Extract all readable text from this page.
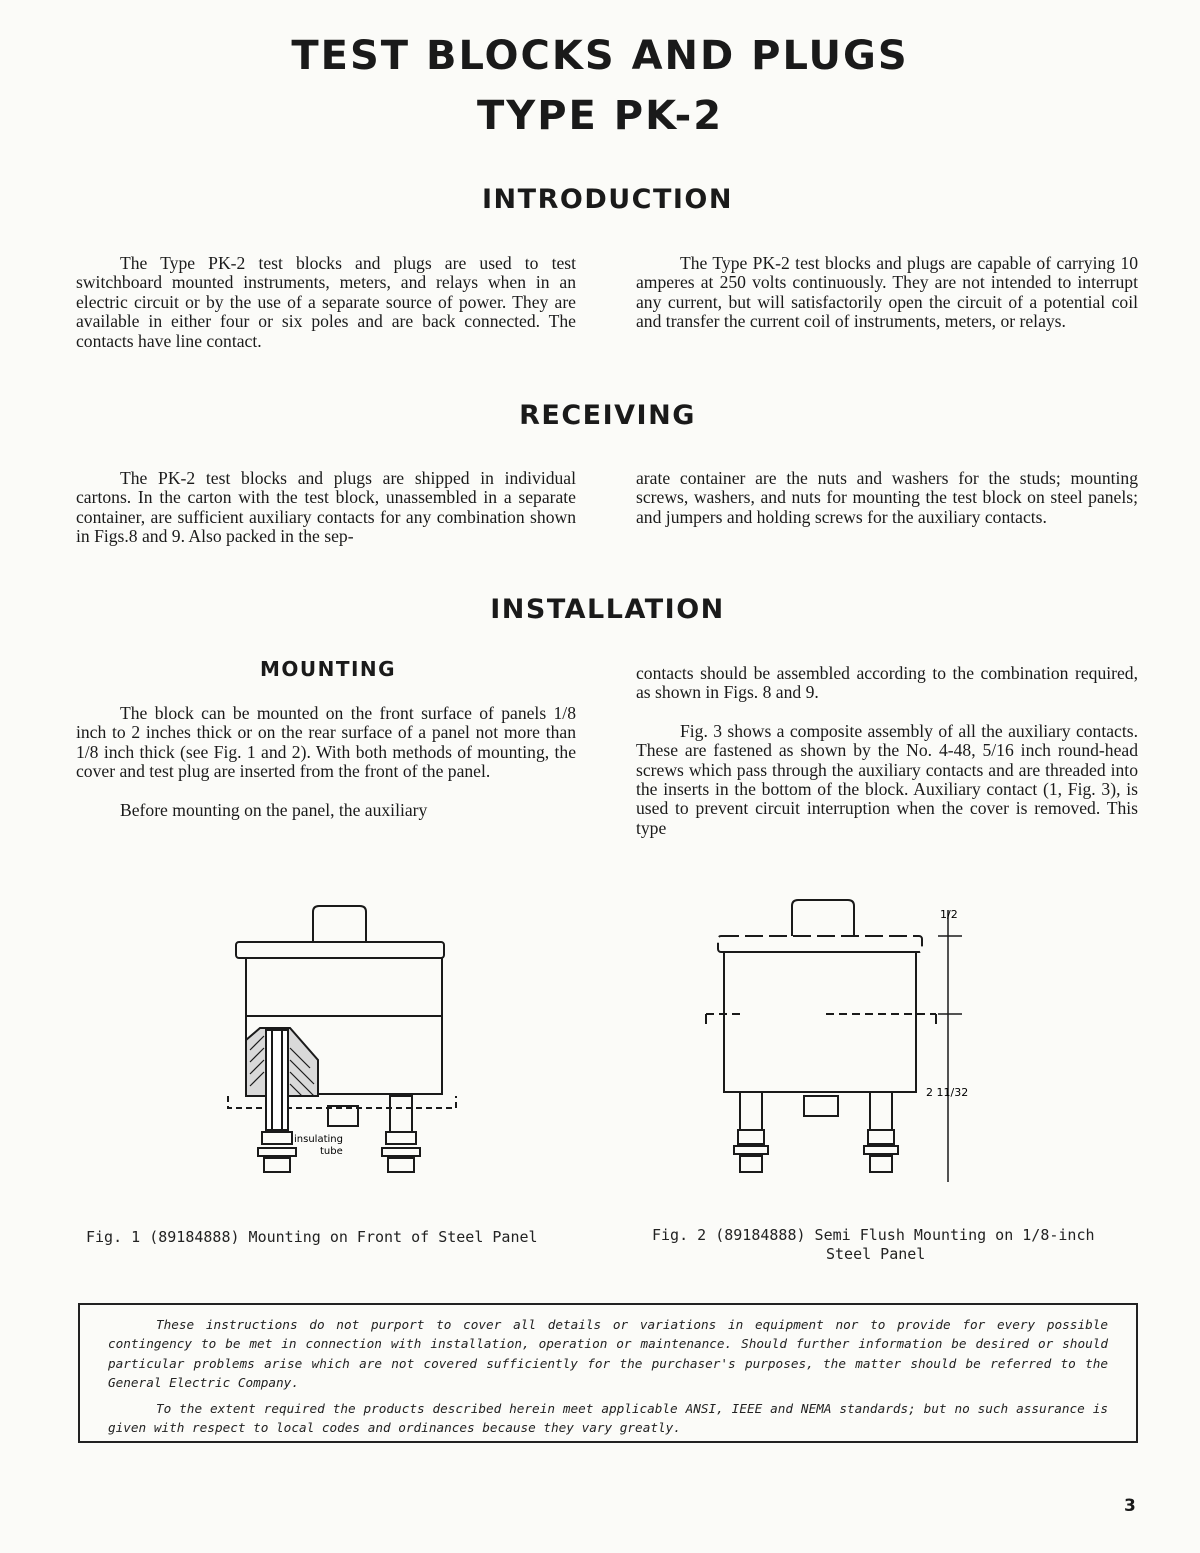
TEST BLOCKS AND PLUGS
TYPE PK-2
INTRODUCTION

The Type PK-2 test blocks and plugs are used to test switchboard mounted instruments, meters, and relays when in an electric circuit or by the use of a separate source of power. They are available in either four or six poles and are back connected. The contacts have line contact.

The Type PK-2 test blocks and plugs are capable of carrying 10 amperes at 250 volts continuously. They are not intended to interrupt any current, but will satisfactorily open the circuit of a potential coil and transfer the current coil of instruments, meters, or relays.

RECEIVING

The PK-2 test blocks and plugs are shipped in individual cartons. In the carton with the test block, unassembled in a separate container, are sufficient auxiliary contacts for any combination shown in Figs.8 and 9. Also packed in the sep-

arate container are the nuts and washers for the studs; mounting screws, washers, and nuts for mounting the test block on steel panels; and jumpers and holding screws for the auxiliary contacts.

INSTALLATION
MOUNTING

The block can be mounted on the front surface of panels 1/8 inch to 2 inches thick or on the rear surface of a panel not more than 1/8 inch thick (see Fig. 1 and 2). With both methods of mounting, the cover and test plug are inserted from the front of the panel.

Before mounting on the panel, the auxiliary

contacts should be assembled according to the combination required, as shown in Figs. 8 and 9.

Fig. 3 shows a composite assembly of all the auxiliary contacts. These are fastened as shown by the No. 4-48, 5/16 inch round-head screws which pass through the auxiliary contacts and are threaded into the inserts in the bottom of the block. Auxiliary contact (1, Fig. 3), is used to prevent circuit interruption when the cover is removed. This type

insulating
tube
Fig. 1 (89184888) Mounting on Front of Steel Panel
1/2
2 11/32
Fig. 2 (89184888) Semi Flush Mounting on 1/8-inch
Steel Panel

These instructions do not purport to cover all details or variations in equipment nor to provide for every possible contingency to be met in connection with installation, operation or maintenance. Should further information be desired or should particular problems arise which are not covered sufficiently for the purchaser's purposes, the matter should be referred to the General Electric Company.

To the extent required the products described herein meet applicable ANSI, IEEE and NEMA standards; but no such assurance is given with respect to local codes and ordinances because they vary greatly.

3
